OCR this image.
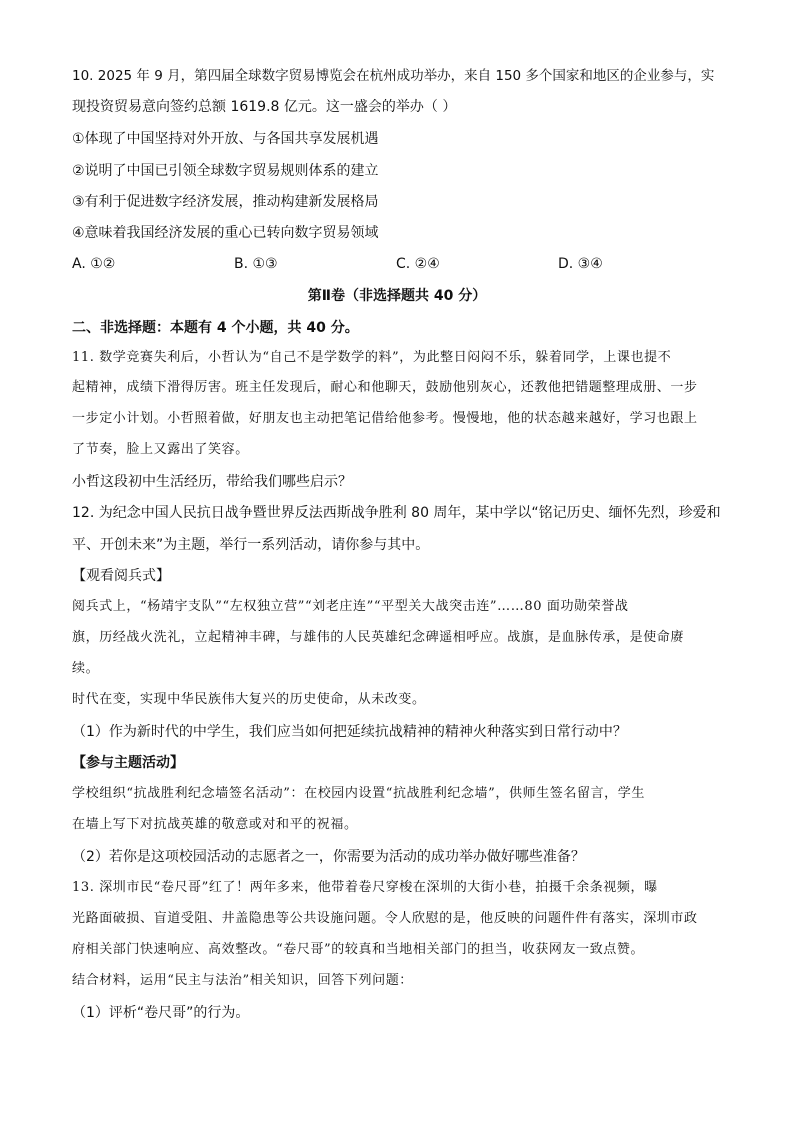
10. 2025 年 9 月，第四届全球数字贸易博览会在杭州成功举办，来自 150 多个国家和地区的企业参与，实
现投资贸易意向签约总额 1619.8 亿元。这一盛会的举办（ ）
①体现了中国坚持对外开放、与各国共享发展机遇
②说明了中国已引领全球数字贸易规则体系的建立
③有利于促进数字经济发展，推动构建新发展格局
④意味着我国经济发展的重心已转向数字贸易领域
A. ①②	B. ①③	C. ②④	D. ③④
第Ⅱ卷（非选择题共 40 分）
二、非选择题：本题有 4 个小题，共 40 分。
11. 数学竞赛失利后，小哲认为“自己不是学数学的料”，为此整日闷闷不乐，躲着同学，上课也提不
起精神，成绩下滑得厉害。班主任发现后，耐心和他聊天，鼓励他别灰心，还教他把错题整理成册、一步
一步定小计划。小哲照着做，好朋友也主动把笔记借给他参考。慢慢地，他的状态越来越好，学习也跟上
了节奏，脸上又露出了笑容。
小哲这段初中生活经历，带给我们哪些启示？
12. 为纪念中国人民抗日战争暨世界反法西斯战争胜利 80 周年，某中学以“铭记历史、缅怀先烈，珍爱和
平、开创未来”为主题，举行一系列活动，请你参与其中。
【观看阅兵式】
阅兵式上，“杨靖宇支队”“左权独立营”“刘老庄连”“平型关大战突击连”……80 面功勋荣誉战
旗，历经战火洗礼，立起精神丰碑，与雄伟的人民英雄纪念碑遥相呼应。战旗，是血脉传承，是使命赓
续。
时代在变，实现中华民族伟大复兴的历史使命，从未改变。
（1）作为新时代的中学生，我们应当如何把延续抗战精神的精神火种落实到日常行动中？
【参与主题活动】
学校组织“抗战胜利纪念墙签名活动”：在校园内设置“抗战胜利纪念墙”，供师生签名留言，学生
在墙上写下对抗战英雄的敬意或对和平的祝福。
（2）若你是这项校园活动的志愿者之一，你需要为活动的成功举办做好哪些准备？
13. 深圳市民“卷尺哥”红了！两年多来，他带着卷尺穿梭在深圳的大街小巷，拍摄千余条视频，曝
光路面破损、盲道受阻、井盖隐患等公共设施问题。令人欣慰的是，他反映的问题件件有落实，深圳市政
府相关部门快速响应、高效整改。“卷尺哥”的较真和当地相关部门的担当，收获网友一致点赞。
结合材料，运用“民主与法治”相关知识，回答下列问题：
（1）评析“卷尺哥”的行为。
